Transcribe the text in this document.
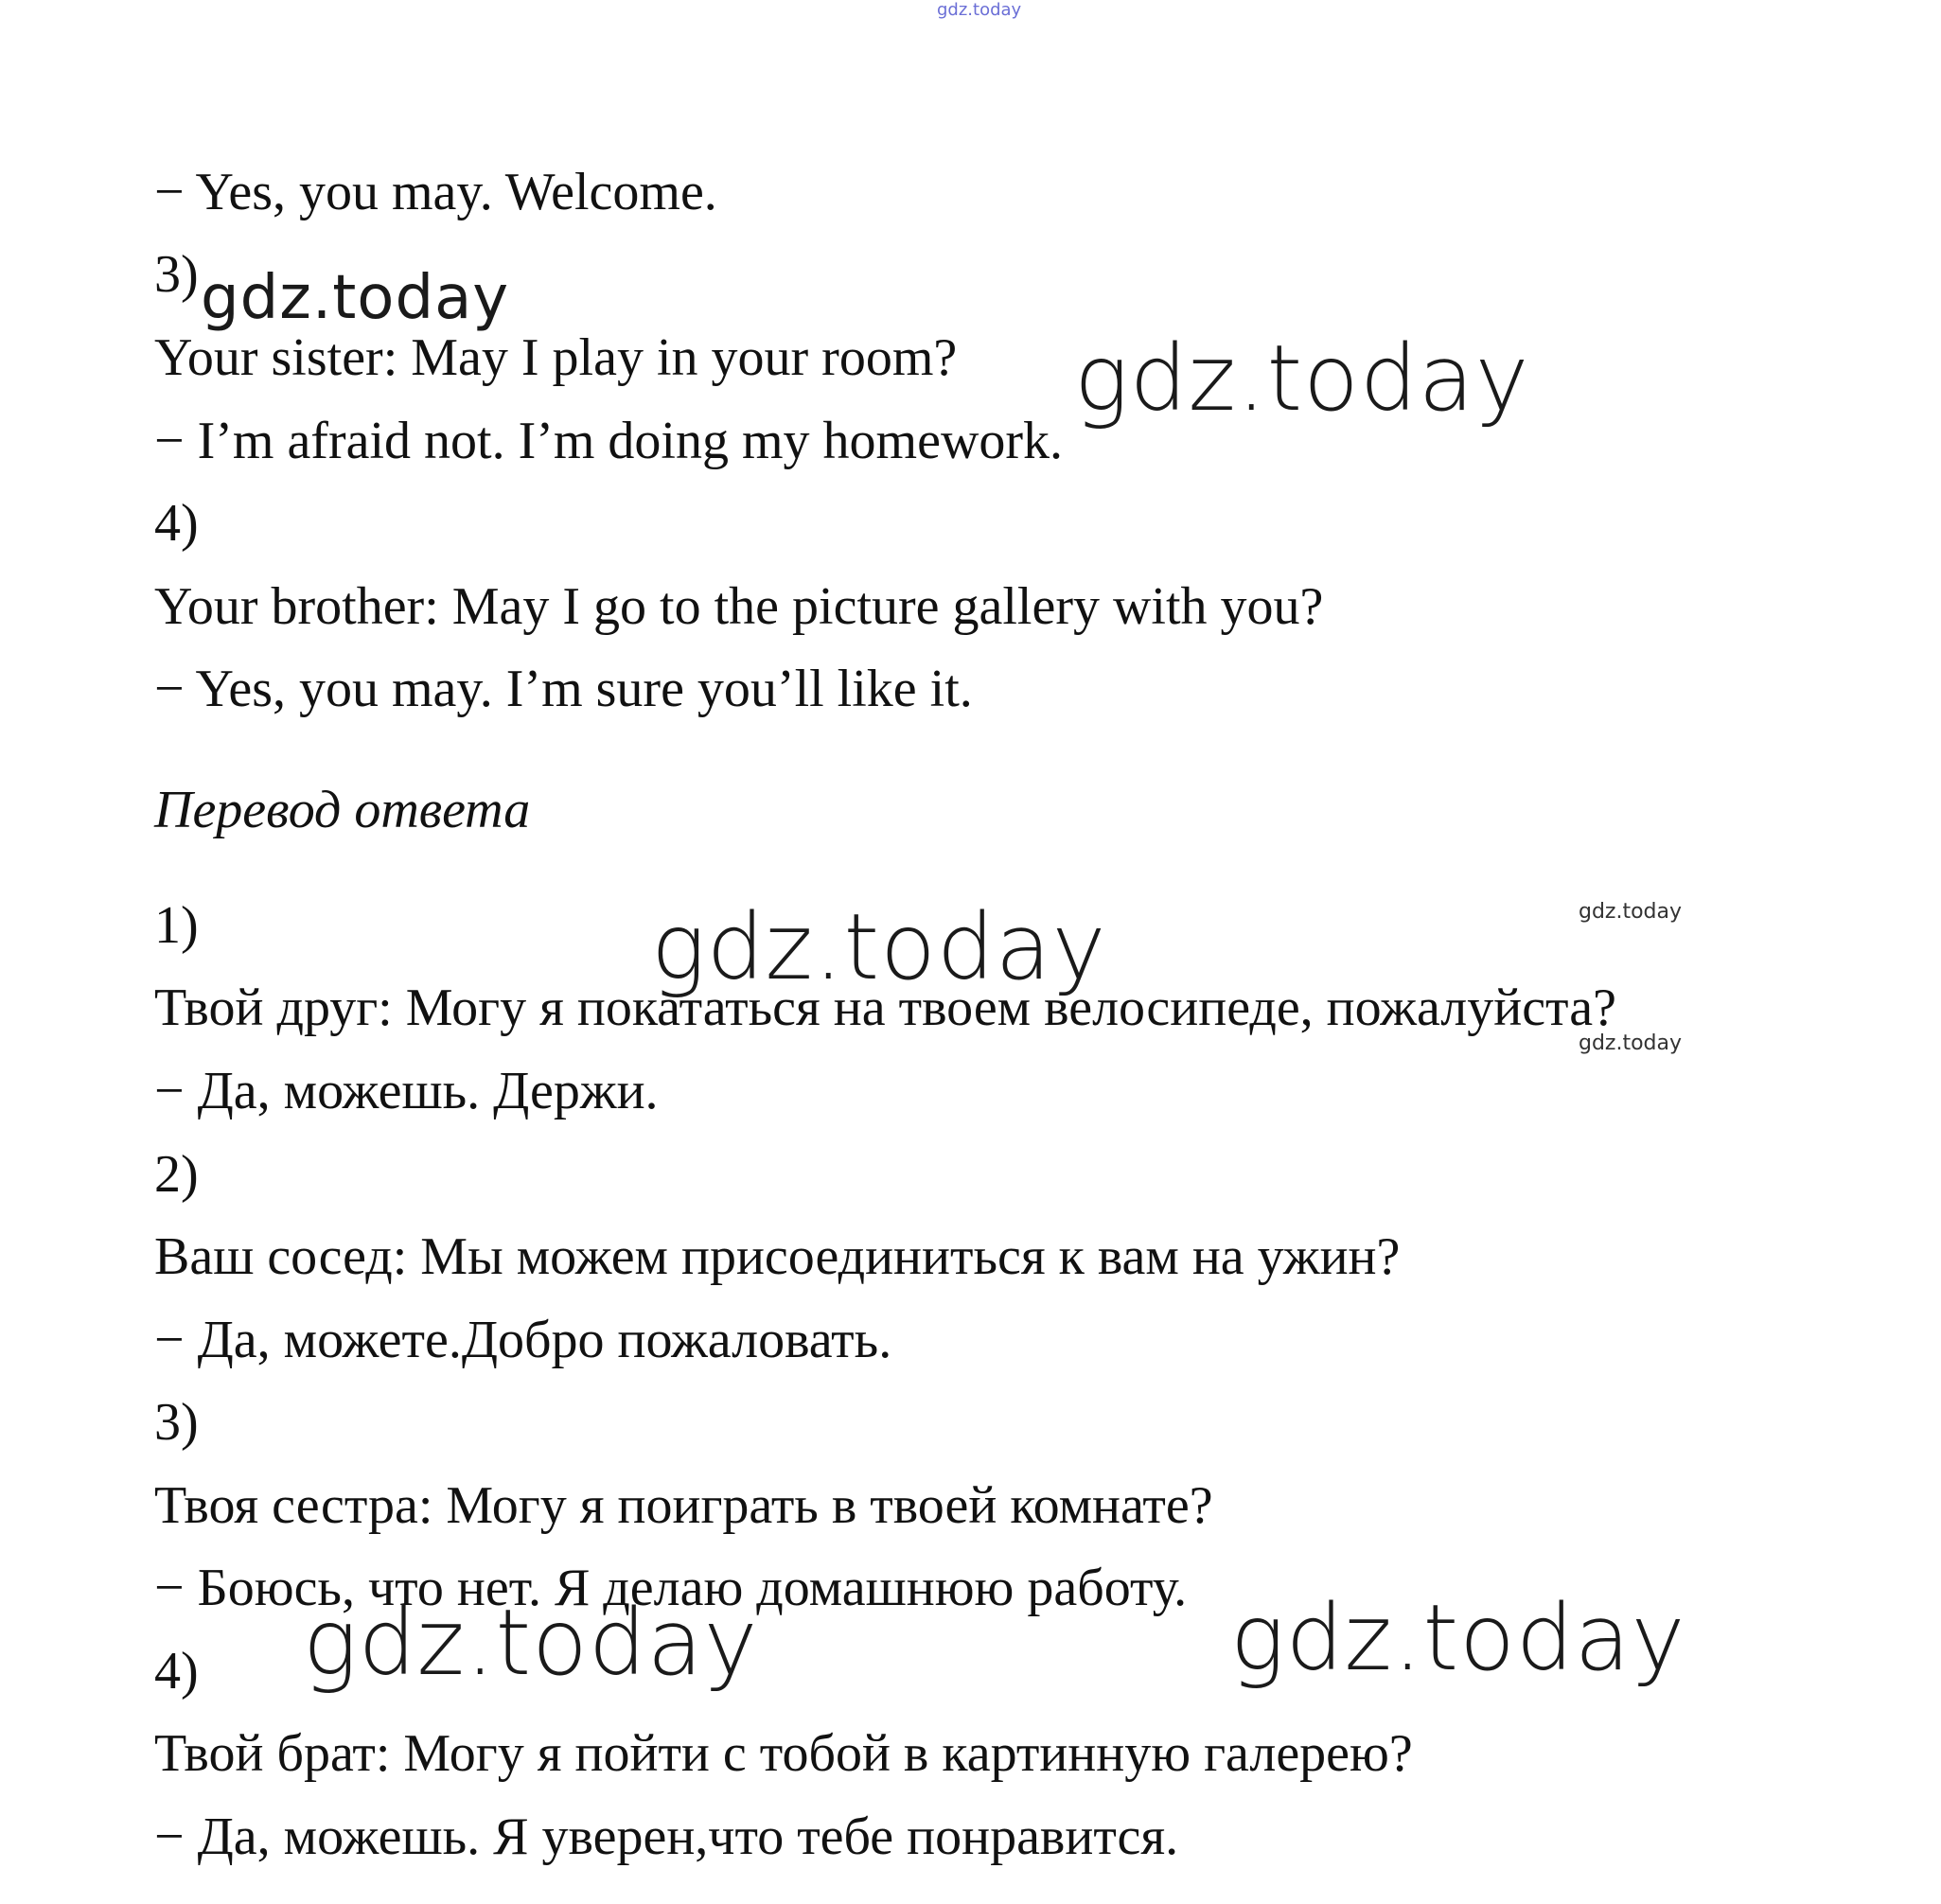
gdz.today
− Yes, you may. Welcome.
3) gdz.today
Your sister: May I play in your room?
− I’m afraid not. I’m doing my homework.
gdz.today
4)
Your brother: May I go to the picture gallery with you?
− Yes, you may. I’m sure you’ll like it.
Перевод ответа
1)	gdz.today	gdz.today
Твой друг: Могу я покататься на твоем велосипеде, пожалуйста?
gdz.today
− Да, можешь. Держи.
2)
Ваш сосед: Мы можем присоединиться к вам на ужин?
− Да, можете.Добро пожаловать.
3)
Твоя сестра: Могу я поиграть в твоей комнате?
− Боюсь, что нет. Я делаю домашнюю работу.
4) gdz.today	gdz.today
Твой брат: Могу я пойти с тобой в картинную галерею?
− Да, можешь. Я уверен,что тебе понравится.
